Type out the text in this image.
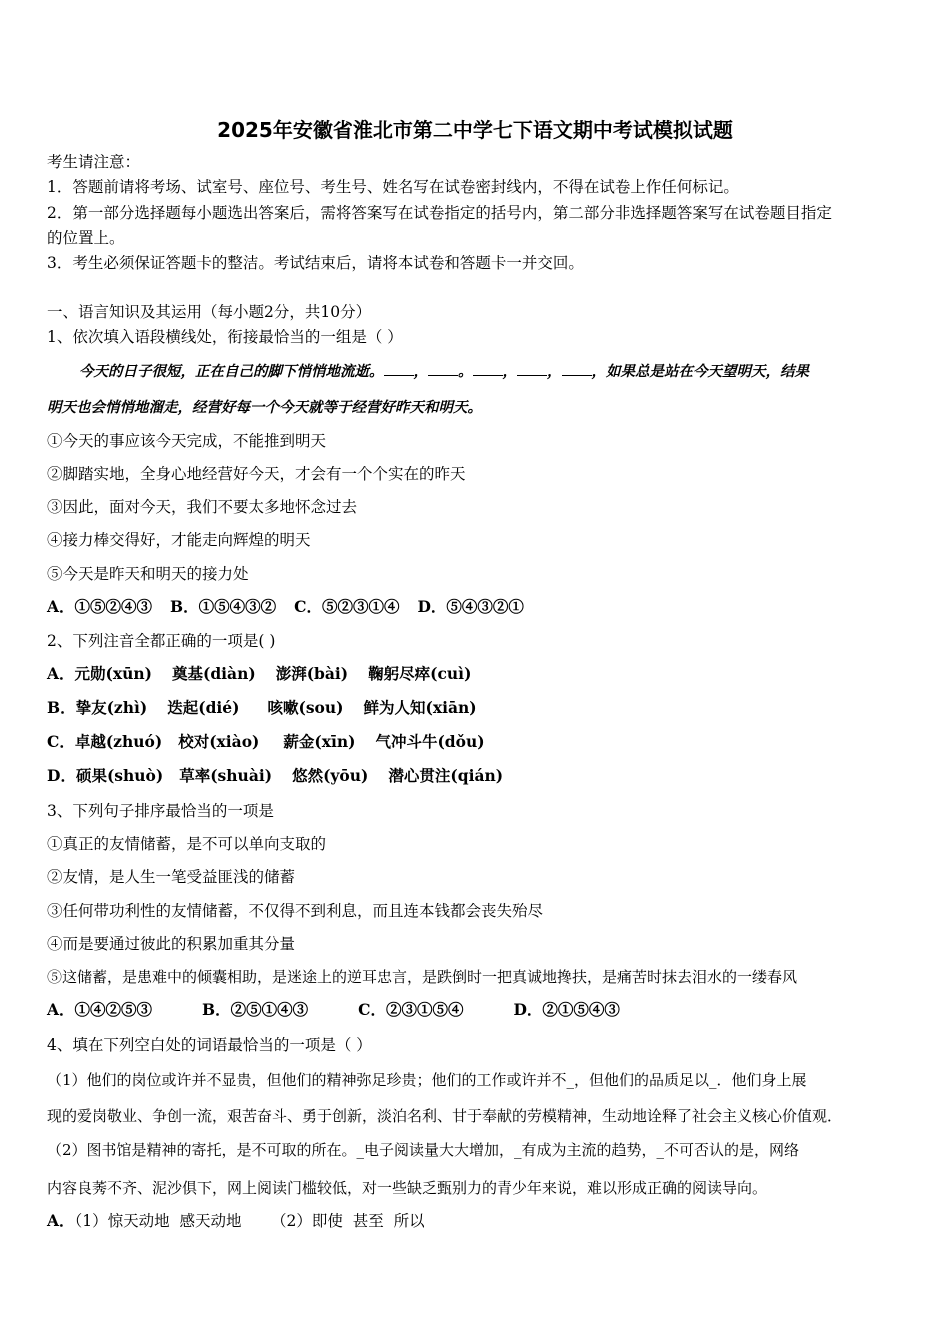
2025年安徽省淮北市第二中学七下语文期中考试模拟试题
考生请注意：
1．答题前请将考场、试室号、座位号、考生号、姓名写在试卷密封线内，不得在试卷上作任何标记。
2．第一部分选择题每小题选出答案后，需将答案写在试卷指定的括号内，第二部分非选择题答案写在试卷题目指定
的位置上。
3．考生必须保证答题卡的整洁。考试结束后，请将本试卷和答题卡一并交回。
一、语言知识及其运用（每小题2分，共10分）
1、依次填入语段横线处，衔接最恰当的一组是（ ）
今天的日子很短，正在自己的脚下悄悄地流逝。 ， 。 ， ， ，如果总是站在今天望明天，结果
明天也会悄悄地溜走，经营好每一个今天就等于经营好昨天和明天。
①今天的事应该今天完成，不能推到明天
②脚踏实地，全身心地经营好今天，才会有一个个实在的昨天
③因此，面对今天，我们不要太多地怀念过去
④接力棒交得好，才能走向辉煌的明天
⑤今天是昨天和明天的接力处
A．①⑤②④③ B．①⑤④③② C．⑤②③①④ D．⑤④③②①
2、下列注音全都正确的一项是( )
A．元勋(xūn) 奠基(diàn) 澎湃(bài) 鞠躬尽瘁(cuì)
B．挚友(zhì) 迭起(dié) 咳嗽(sou) 鲜为人知(xiān)
C．卓越(zhuó) 校对(xiào) 薪金(xīn) 气冲斗牛(dǒu)
D．硕果(shuò) 草率(shuài) 悠然(yōu) 潜心贯注(qián)
3、下列句子排序最恰当的一项是
①真正的友情储蓄，是不可以单向支取的
②友情，是人生一笔受益匪浅的储蓄
③任何带功利性的友情储蓄，不仅得不到利息，而且连本钱都会丧失殆尽
④而是要通过彼此的积累加重其分量
⑤这储蓄，是患难中的倾囊相助，是迷途上的逆耳忠言，是跌倒时一把真诚地搀扶，是痛苦时抹去泪水的一缕春风
A．①④②⑤③	B．②⑤①④③	C．②③①⑤④	D．②①⑤④③
4、填在下列空白处的词语最恰当的一项是（ ）
（1）他们的岗位或许并不显贵，但他们的精神弥足珍贵；他们的工作或许并不_，但他们的品质足以_．他们身上展
现的爱岗敬业、争创一流，艰苦奋斗、勇于创新，淡泊名利、甘于奉献的劳模精神，生动地诠释了社会主义核心价值观．
（2）图书馆是精神的寄托，是不可取的所在。_电子阅读量大大增加，_有成为主流的趋势，_不可否认的是，网络
内容良莠不齐、泥沙俱下，网上阅读门槛较低，对一些缺乏甄别力的青少年来说，难以形成正确的阅读导向。
A．（1）惊天动地  感天动地      （2）即使  甚至  所以
